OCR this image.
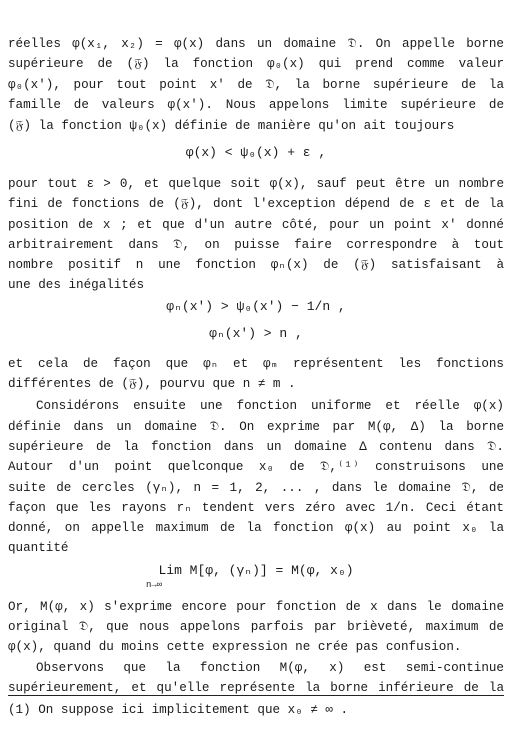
réelles φ(x₁, x₂) = φ(x) dans un domaine 𝔇. On appelle borne
supérieure de (𝔉) la fonction φ₀(x) qui prend comme valeur
φ₀(x'), pour tout point x' de 𝔇, la borne supérieure de la
famille de valeurs φ(x'). Nous appelons limite supérieure de
(𝔉) la fonction ψ₀(x) définie de manière qu'on ait toujours
φ(x) < ψ₀(x) + ε ,
pour tout ε > 0, et quelque soit φ(x), sauf peut être un nombre
fini de fonctions de (𝔉), dont l'exception dépend de ε et de la
position de x ; et que d'un autre côté, pour un point x' donné
arbitrairement dans 𝔇, on puisse faire correspondre à tout
nombre positif n une fonction φₙ(x) de (𝔉) satisfaisant à
une des inégalités
φₙ(x') > ψ₀(x') − 1/n ,
φₙ(x') > n ,
et cela de façon que φₙ et φₘ représentent les fonctions
différentes de (𝔉), pourvu que n ≠ m .
Considérons ensuite une fonction uniforme et réelle φ(x)
définie dans un domaine 𝔇. On exprime par M(φ, Δ) la borne
supérieure de la fonction dans un domaine Δ contenu dans 𝔇.
Autour d'un point quelconque x₀ de 𝔇,⁽¹⁾ construisons une
suite de cercles (γₙ), n = 1, 2, ... , dans le domaine 𝔇, de
façon que les rayons rₙ tendent vers zéro avec 1/n. Ceci étant
donné, on appelle maximum de la fonction φ(x) au point x₀ la
quantité
Lim M[φ, (γₙ)] = M(φ, x₀)
n→∞
Or, M(φ, x) s'exprime encore pour fonction de x dans le domaine
original 𝔇, que nous appelons parfois par brièveté, maximum de
φ(x), quand du moins cette expression ne crée pas confusion.
Observons que la fonction M(φ, x) est semi-continue
supérieurement, et qu'elle représente la borne inférieure de la
(1) On suppose ici implicitement que x₀ ≠ ∞ .
